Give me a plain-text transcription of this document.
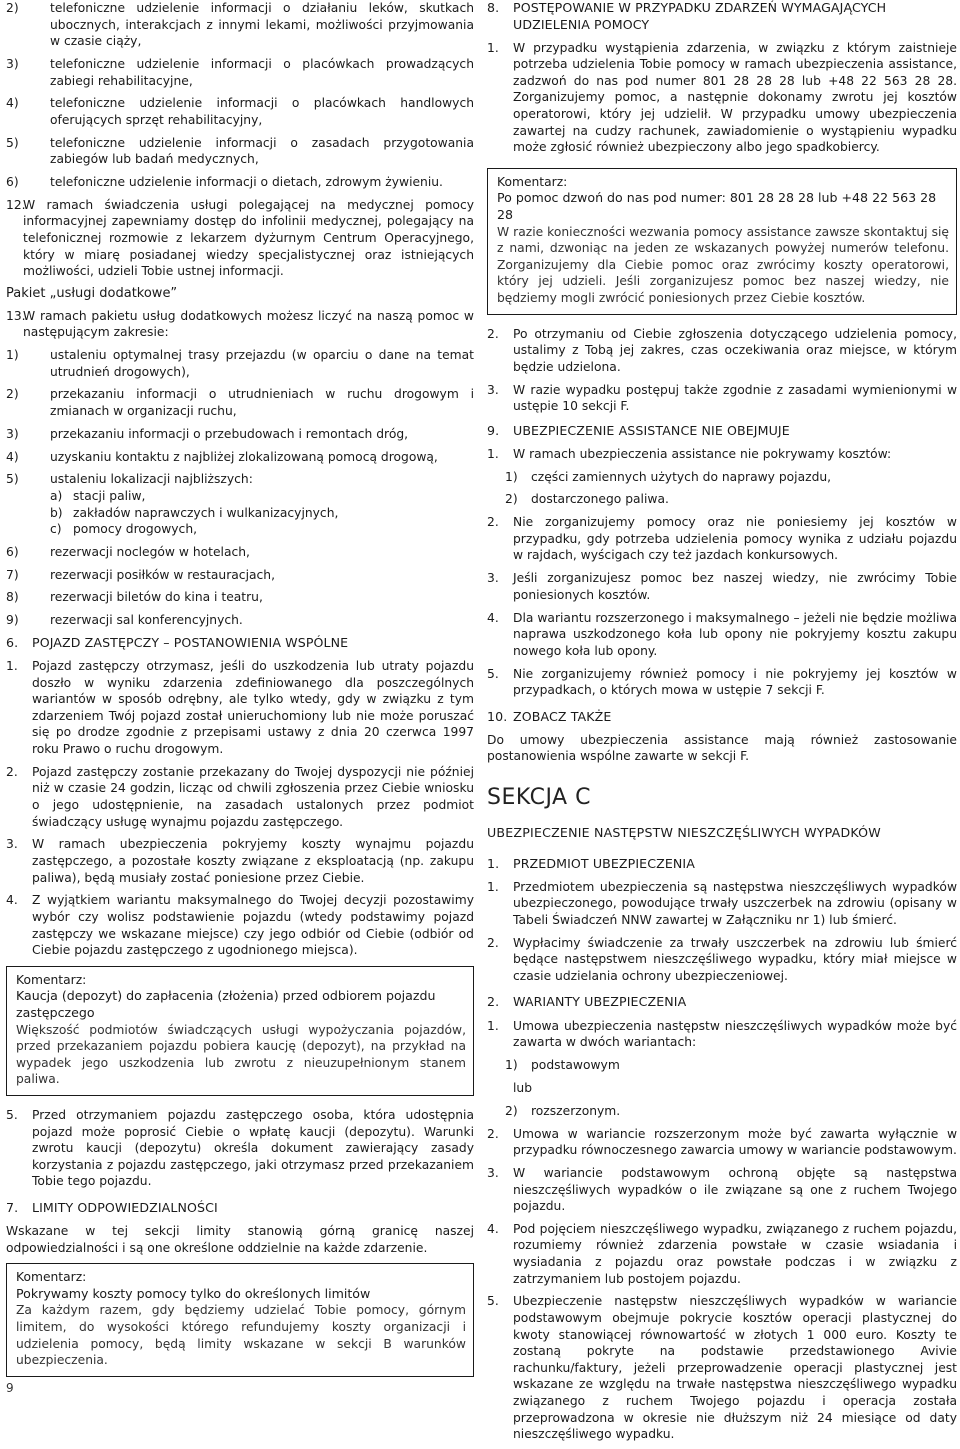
2)	telefoniczne udzielenie informacji o działaniu leków, skutkach ubocznych, interakcjach z innymi lekami, możliwości przyjmowania w czasie ciąży,
3)	telefoniczne udzielenie informacji o placówkach prowadzących zabiegi rehabilitacyjne,
4)	telefoniczne udzielenie informacji o placówkach handlowych oferujących sprzęt rehabilitacyjny,
5)	telefoniczne udzielenie informacji o zasadach przygotowania zabiegów lub badań medycznych,
6)	telefoniczne udzielenie informacji o dietach, zdrowym żywieniu.
12.
W ramach świadczenia usługi polegającej na medycznej pomocy informacyjnej zapewniamy dostęp do infolinii medycznej, polegający na telefonicznej rozmowie z lekarzem dyżurnym Centrum Operacyjnego, który w miarę posiadanej wiedzy specjalistycznej oraz istniejących możliwości, udzieli Tobie ustnej informacji.
Pakiet „usługi dodatkowe”
13.
W ramach pakietu usług dodatkowych możesz liczyć na naszą pomoc w następującym zakresie:
1)	ustaleniu optymalnej trasy przejazdu (w oparciu o dane na temat utrudnień drogowych),
2)	przekazaniu informacji o utrudnieniach w ruchu drogowym i zmianach w organizacji ruchu,
3)	przekazaniu informacji o przebudowach i remontach dróg,
4)	uzyskaniu kontaktu z najbliżej zlokalizowaną pomocą drogową,
5)	ustaleniu lokalizacji najbliższych:
a) stacji paliw,
b) zakładów naprawczych i wulkanizacyjnych,
c) pomocy drogowych,
6)	rezerwacji noclegów w hotelach,
7)	rezerwacji posiłków w restauracjach,
8)	rezerwacji biletów do kina i teatru,
9)	rezerwacji sal konferencyjnych.
6.	POJAZD ZASTĘPCZY – POSTANOWIENIA WSPÓLNE
1.	Pojazd zastępczy otrzymasz, jeśli do uszkodzenia lub utraty pojazdu doszło w wyniku zdarzenia zdefiniowanego dla poszczególnych wariantów w sposób odrębny, ale tylko wtedy, gdy w związku z tym zdarzeniem Twój pojazd został unieruchomiony lub nie może poruszać się po drodze zgodnie z przepisami ustawy z dnia 20 czerwca 1997 roku Prawo o ruchu drogowym.
2.	Pojazd zastępczy zostanie przekazany do Twojej dyspozycji nie później niż w czasie 24 godzin, licząc od chwili zgłoszenia przez Ciebie wniosku o jego udostępnienie, na zasadach ustalonych przez podmiot świadczący usługę wynajmu pojazdu zastępczego.
3.	W ramach ubezpieczenia pokryjemy koszty wynajmu pojazdu zastępczego, a pozostałe koszty związane z eksploatacją (np. zakupu paliwa), będą musiały zostać poniesione przez Ciebie.
4.	Z wyjątkiem wariantu maksymalnego do Twojej decyzji pozostawimy wybór czy wolisz podstawienie pojazdu (wtedy podstawimy pojazd zastępczy we wskazane miejsce) czy jego odbiór od Ciebie (odbiór od Ciebie pojazdu zastępczego z ugodnionego miejsca).
Komentarz:
Kaucja (depozyt) do zapłacenia (złożenia) przed odbiorem pojazdu zastępczego
Większość podmiotów świadczących usługi wypożyczania pojazdów, przed przekazaniem pojazdu pobiera kaucję (depozyt), na przykład na wypadek jego uszkodzenia lub zwrotu z nieuzupełnionym stanem paliwa.
5.	Przed otrzymaniem pojazdu zastępczego osoba, która udostępnia pojazd może poprosić Ciebie o wpłatę kaucji (depozytu). Warunki zwrotu kaucji (depozytu) określa dokument zawierający zasady korzystania z pojazdu zastępczego, jaki otrzymasz przed przekazaniem Tobie tego pojazdu.
7.	LIMITY ODPOWIEDZIALNOŚCI
Wskazane w tej sekcji limity stanowią górną granicę naszej odpowiedzialności i są one określone oddzielnie na każde zdarzenie.
Komentarz:
Pokrywamy koszty pomocy tylko do określonych limitów
Za każdym razem, gdy będziemy udzielać Tobie pomocy, górnym limitem, do wysokości którego refundujemy koszty organizacji i udzielenia pomocy, będą limity wskazane w sekcji B warunków ubezpieczenia.
8.	POSTĘPOWANIE W PRZYPADKU ZDARZEŃ WYMAGAJĄCYCH UDZIELENIA POMOCY
1.	W przypadku wystąpienia zdarzenia, w związku z którym zaistnieje potrzeba udzielenia Tobie pomocy w ramach ubezpieczenia assistance, zadzwoń do nas pod numer 801 28 28 28 lub +48 22 563 28 28. Zorganizujemy pomoc, a następnie dokonamy zwrotu jej kosztów operatorowi, który jej udzielił. W przypadku umowy ubezpieczenia zawartej na cudzy rachunek, zawiadomienie o wystąpieniu wypadku może zgłosić również ubezpieczony albo jego spadkobiercy.
Komentarz:
Po pomoc dzwoń do nas pod numer: 801 28 28 28 lub +48 22 563 28 28
W razie konieczności wezwania pomocy assistance zawsze skontaktuj się z nami, dzwoniąc na jeden ze wskazanych powyżej numerów telefonu. Zorganizujemy dla Ciebie pomoc oraz zwrócimy koszty operatorowi, który jej udzieli. Jeśli zorganizujesz pomoc bez naszej wiedzy, nie będziemy mogli zwrócić poniesionych przez Ciebie kosztów.
2.	Po otrzymaniu od Ciebie zgłoszenia dotyczącego udzielenia pomocy, ustalimy z Tobą jej zakres, czas oczekiwania oraz miejsce, w którym będzie udzielona.
3.	W razie wypadku postępuj także zgodnie z zasadami wymienionymi w ustępie 10 sekcji F.
9.	UBEZPIECZENIE ASSISTANCE NIE OBEJMUJE
1.	W ramach ubezpieczenia assistance nie pokrywamy kosztów:
1)	części zamiennych użytych do naprawy pojazdu,
2)	dostarczonego paliwa.
2.	Nie zorganizujemy pomocy oraz nie poniesiemy jej kosztów w przypadku, gdy potrzeba udzielenia pomocy wynika z udziału pojazdu w rajdach, wyścigach czy też jazdach konkursowych.
3.	Jeśli zorganizujesz pomoc bez naszej wiedzy, nie zwrócimy Tobie poniesionych kosztów.
4.	Dla wariantu rozszerzonego i maksymalnego – jeżeli nie będzie możliwa naprawa uszkodzonego koła lub opony nie pokryjemy kosztu zakupu nowego koła lub opony.
5.	Nie zorganizujemy również pomocy i nie pokryjemy jej kosztów w przypadkach, o których mowa w ustępie 7 sekcji F.
10. ZOBACZ TAKŻE
Do umowy ubezpieczenia assistance mają również zastosowanie postanowienia wspólne zawarte w sekcji F.
SEKCJA C
UBEZPIECZENIE NASTĘPSTW NIESZCZĘŚLIWYCH WYPADKÓW
1.	PRZEDMIOT UBEZPIECZENIA
1.	Przedmiotem ubezpieczenia są następstwa nieszczęśliwych wypadków ubezpieczonego, powodujące trwały uszczerbek na zdrowiu (opisany w Tabeli Świadczeń NNW zawartej w Załączniku nr 1) lub śmierć.
2.	Wypłacimy świadczenie za trwały uszczerbek na zdrowiu lub śmierć będące następstwem nieszczęśliwego wypadku, który miał miejsce w czasie udzielania ochrony ubezpieczeniowej.
2.	WARIANTY UBEZPIECZENIA
1.	Umowa ubezpieczenia następstw nieszczęśliwych wypadków może być zawarta w dwóch wariantach:
1)	podstawowym
lub
2)	rozszerzonym.
2.	Umowa w wariancie rozszerzonym może być zawarta wyłącznie w przypadku równoczesnego zawarcia umowy w wariancie podstawowym.
3.	W wariancie podstawowym ochroną objęte są następstwa nieszczęśliwych wypadków o ile związane są one z ruchem Twojego pojazdu.
4.	Pod pojęciem nieszczęśliwego wypadku, związanego z ruchem pojazdu, rozumiemy również zdarzenia powstałe w czasie wsiadania i wysiadania z pojazdu oraz powstałe podczas i w związku z zatrzymaniem lub postojem pojazdu.
5.	Ubezpieczenie następstw nieszczęśliwych wypadków w wariancie podstawowym obejmuje pokrycie kosztów operacji plastycznej do kwoty stanowiącej równowartość w złotych 1 000 euro. Koszty te zostaną pokryte na podstawie przedstawionego Avivie rachunku/faktury, jeżeli przeprowadzenie operacji plastycznej jest wskazane ze względu na trwałe następstwa nieszczęśliwego wypadku związanego z ruchem Twojego pojazdu i operacja została przeprowadzona w okresie nie dłuższym niż 24 miesiące od daty nieszczęśliwego wypadku.
9
